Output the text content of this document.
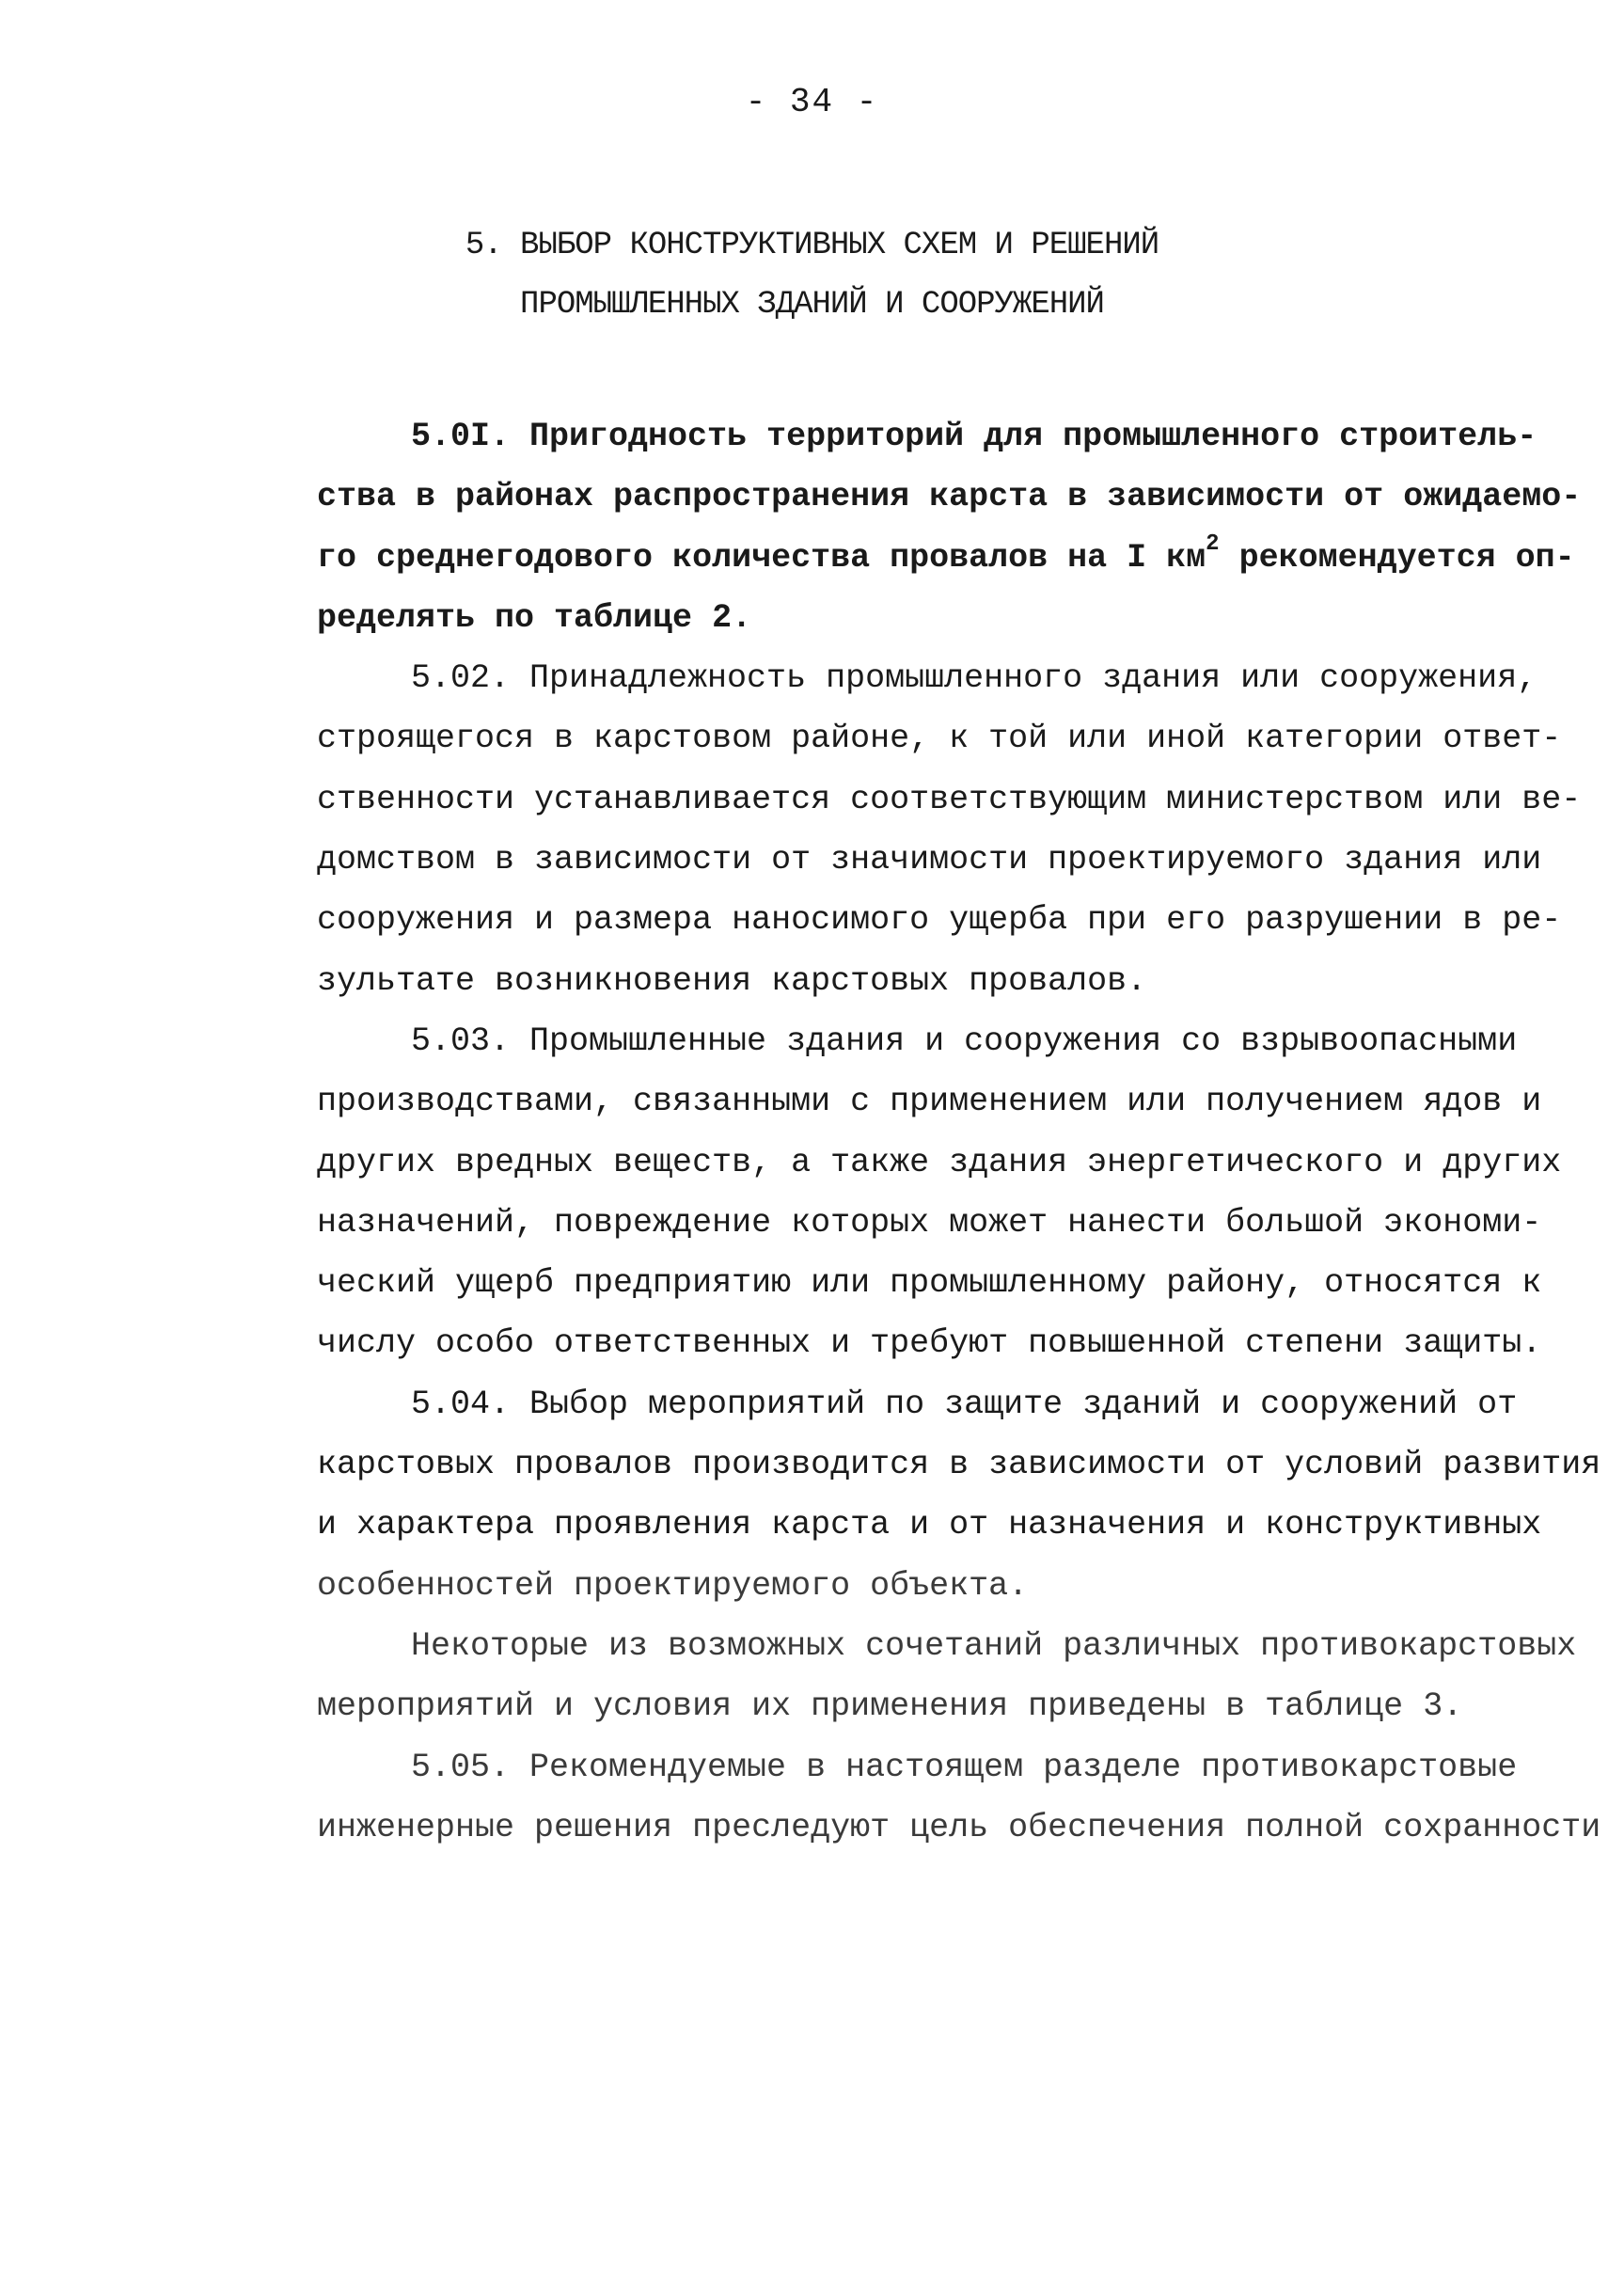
- 34 -
5. ВЫБОР КОНСТРУКТИВНЫХ СХЕМ И РЕШЕНИЙ
ПРОМЫШЛЕННЫХ ЗДАНИЙ И СООРУЖЕНИЙ
5.0I. Пригодность территорий для промышленного строитель-
ства в районах распространения карста в зависимости от ожидаемо-
го среднегодового количества провалов на I $км^2$ рекомендуется оп-
ределять по таблице 2.
5.02. Принадлежность промышленного здания или сооружения,
строящегося в карстовом районе, к той или иной категории ответ-
ственности устанавливается соответствующим министерством или ве-
домством в зависимости от значимости проектируемого здания или
сооружения и размера наносимого ущерба при его разрушении в ре-
зультате возникновения карстовых провалов.
5.03. Промышленные здания и сооружения со взрывоопасными
производствами, связанными с применением или получением ядов и
других вредных веществ, а также здания энергетического и других
назначений, повреждение которых может нанести большой экономи-
ческий ущерб предприятию или промышленному району, относятся к
числу особо ответственных и требуют повышенной степени защиты.
5.04. Выбор мероприятий по защите зданий и сооружений от
карстовых провалов производится в зависимости от условий развития
и характера проявления карста и от назначения и конструктивных
особенностей проектируемого объекта.
Некоторые из возможных сочетаний различных противокарстовых
мероприятий и условия их применения приведены в таблице 3.
5.05. Рекомендуемые в настоящем разделе противокарстовые
инженерные решения преследуют цель обеспечения полной сохранности
